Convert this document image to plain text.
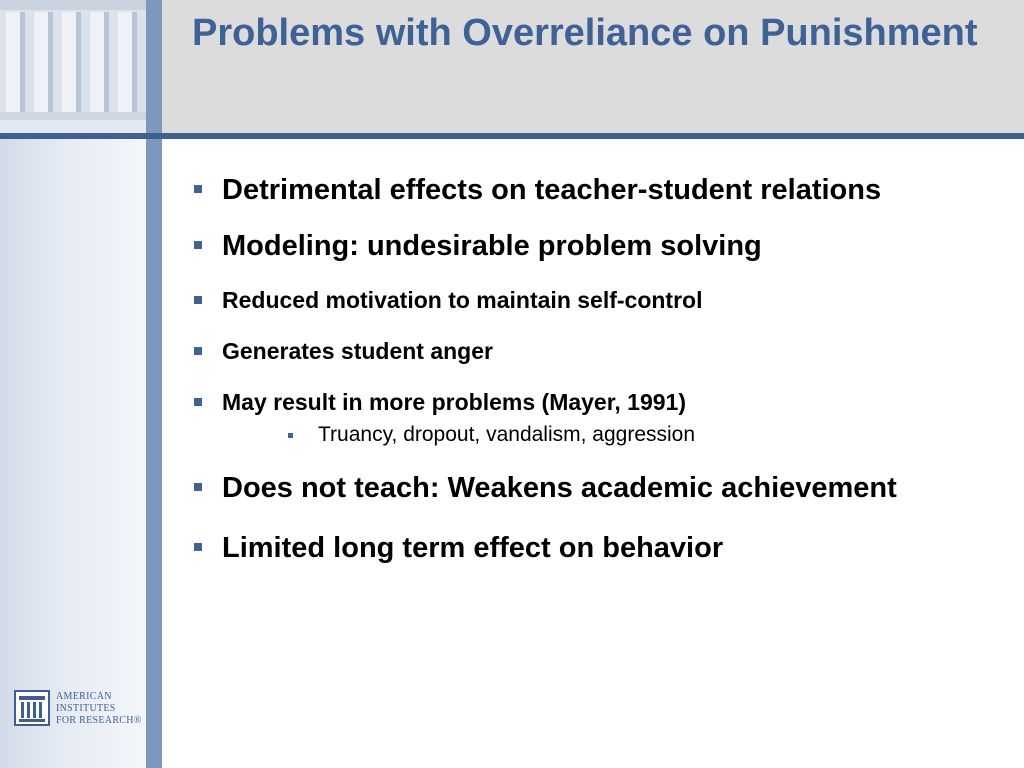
Problems with Overreliance on Punishment
Detrimental effects on teacher-student relations
Modeling: undesirable problem solving
Reduced motivation to maintain self-control
Generates student anger
May result in more problems (Mayer, 1991)
Truancy, dropout, vandalism, aggression
Does not teach: Weakens academic achievement
Limited long term effect on behavior
AMERICAN
INSTITUTES
FOR RESEARCH®
